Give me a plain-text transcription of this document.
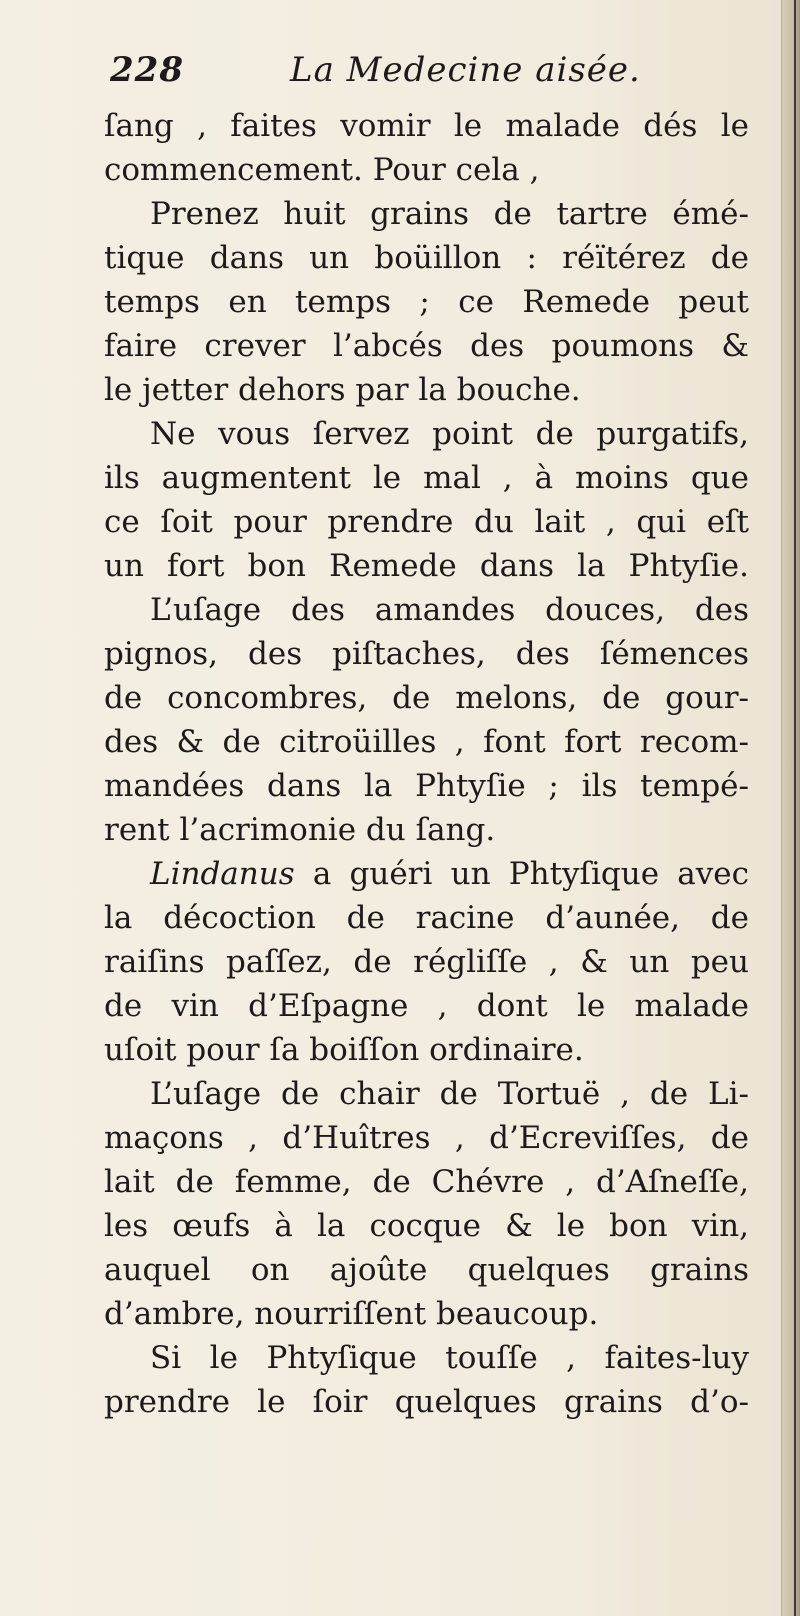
228	La Medecine aisée.
ſang , faites vomir le malade dés le
commencement. Pour cela ,
Prenez huit grains de tartre émé-
tique dans un boüillon : réïtérez de
temps en temps ; ce Remede peut
faire crever l’abcés des poumons &
le jetter dehors par la bouche.
Ne vous ſervez point de purgatifs,
ils augmentent le mal , à moins que
ce ſoit pour prendre du lait , qui eſt
un fort bon Remede dans la Phtyſie.
L’uſage des amandes douces, des
pignos, des piſtaches, des ſémences
de concombres, de melons, de gour-
des & de citroüilles , font fort recom-
mandées dans la Phtyſie ; ils tempé-
rent l’acrimonie du ſang.
Lindanus a guéri un Phtyſique avec
la décoction de racine d’aunée, de
raiſins paſſez, de régliſſe , & un peu
de vin d’Eſpagne , dont le malade
uſoit pour ſa boiſſon ordinaire.
L’uſage de chair de Tortuë , de Li-
maçons , d’Huîtres , d’Ecreviſſes, de
lait de femme, de Chévre , d’Aſneſſe,
les œufs à la cocque & le bon vin,
auquel on ajoûte quelques grains
d’ambre, nourriſſent beaucoup.
Si le Phtyſique touſſe , faites-luy
prendre le ſoir quelques grains d’o-
